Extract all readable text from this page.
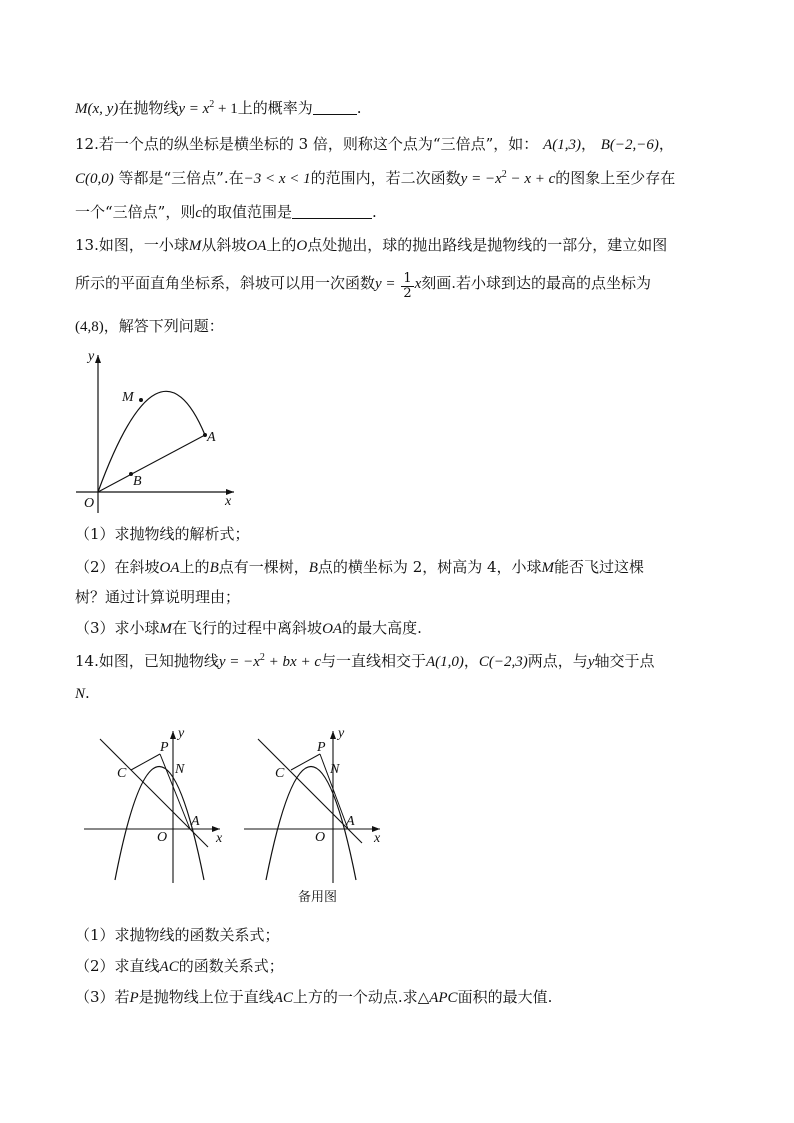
M(x, y)在抛物线$y = x^2 + 1$上的概率为	.
12.若一个点的纵坐标是横坐标的 3 倍，则称这个点为“三倍点”，如： A(1,3)， B(−2,−6)，
C(0,0) 等都是“三倍点”.在−3 < x < 1的范围内，若二次函数$y = -x^2 - x + c$的图象上至少存在
一个“三倍点”，则c的取值范围是	.
13.如图，一小球M从斜坡OA上的O点处抛出，球的抛出路线是抛物线的一部分，建立如图
所示的平面直角坐标系，斜坡可以用一次函数$y = \frac{1}{2}$ x刻画.若小球到达的最高的点坐标为
(4,8)，解答下列问题：
y
x
O
M
A
B
（1）求抛物线的解析式；
（2）在斜坡OA上的B点有一棵树，B点的横坐标为 2，树高为 4，小球M能否飞过这棵
树？通过计算说明理由；
（3）求小球M在飞行的过程中离斜坡OA的最大高度.
14.如图，已知抛物线$y = -x^2$ + bx + c与一直线相交于A(1,0)，C(−2,3)两点，与y轴交于点
N.
y
x
O
P
N
C
A
y
x
O
P
N
C
A
备用图
（1）求抛物线的函数关系式；
（2）求直线AC的函数关系式；
（3）若P是抛物线上位于直线AC上方的一个动点.求△APC面积的最大值.
